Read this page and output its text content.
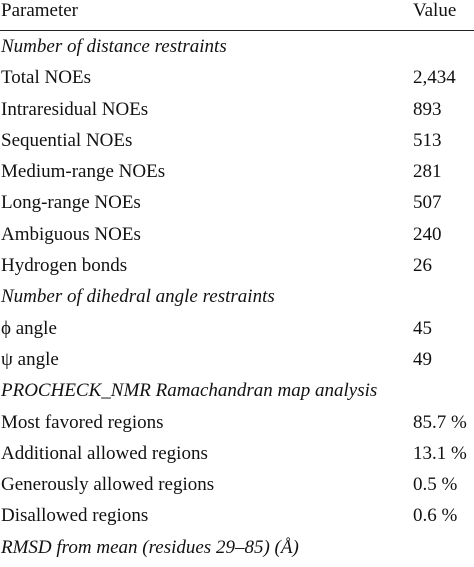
Parameter	Value
Number of distance restraints
Total NOEs	2,434
Intraresidual NOEs	893
Sequential NOEs	513
Medium-range NOEs	281
Long-range NOEs	507
Ambiguous NOEs	240
Hydrogen bonds	26
Number of dihedral angle restraints
ϕ angle	45
ψ angle	49
PROCHECK_NMR Ramachandran map analysis
Most favored regions	85.7 %
Additional allowed regions	13.1 %
Generously allowed regions	0.5 %
Disallowed regions	0.6 %
RMSD from mean (residues 29–85) (Å)
